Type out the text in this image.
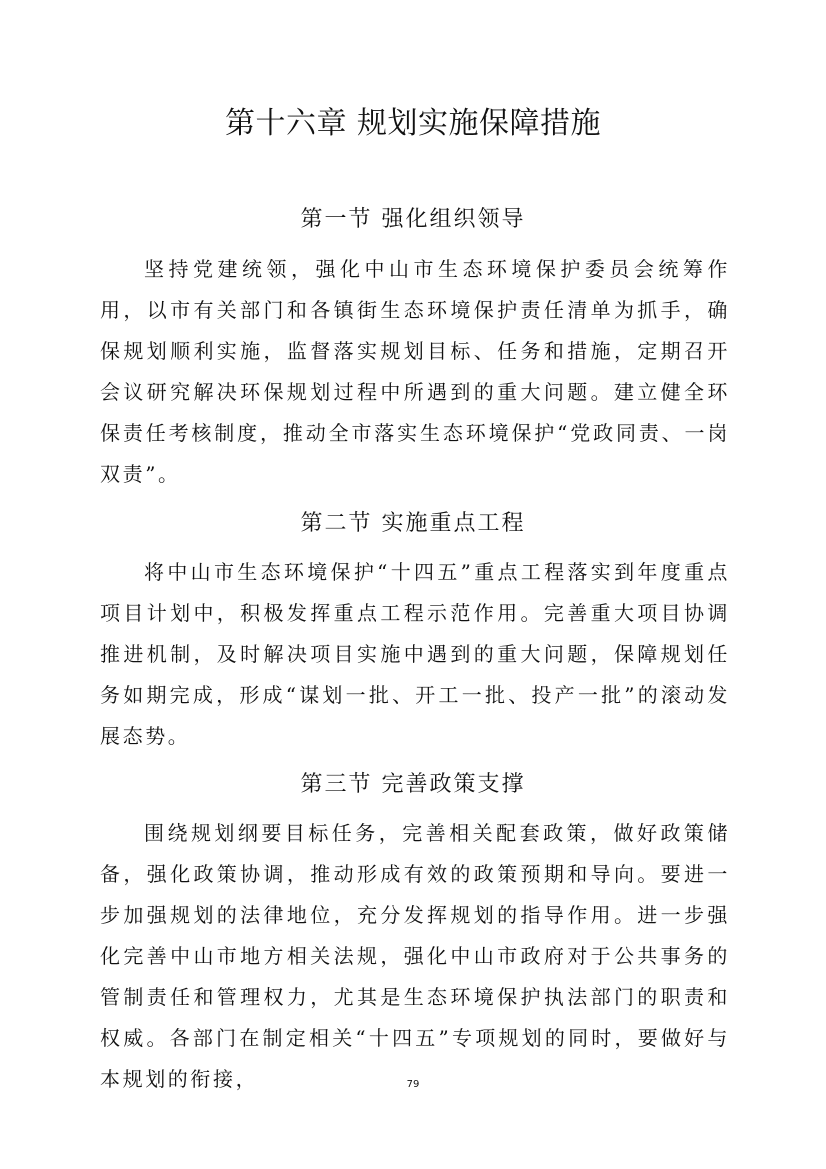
第十六章 规划实施保障措施
第一节 强化组织领导

坚持党建统领，强化中山市生态环境保护委员会统筹作用，以市有关部门和各镇街生态环境保护责任清单为抓手，确保规划顺利实施，监督落实规划目标、任务和措施，定期召开会议研究解决环保规划过程中所遇到的重大问题。建立健全环保责任考核制度，推动全市落实生态环境保护“党政同责、一岗双责”。

第二节 实施重点工程

将中山市生态环境保护“十四五”重点工程落实到年度重点项目计划中，积极发挥重点工程示范作用。完善重大项目协调推进机制，及时解决项目实施中遇到的重大问题，保障规划任务如期完成，形成“谋划一批、开工一批、投产一批”的滚动发展态势。

第三节 完善政策支撑

围绕规划纲要目标任务，完善相关配套政策，做好政策储备，强化政策协调，推动形成有效的政策预期和导向。要进一步加强规划的法律地位，充分发挥规划的指导作用。进一步强化完善中山市地方相关法规，强化中山市政府对于公共事务的管制责任和管理权力，尤其是生态环境保护执法部门的职责和权威。各部门在制定相关“十四五”专项规划的同时，要做好与本规划的衔接，	79
